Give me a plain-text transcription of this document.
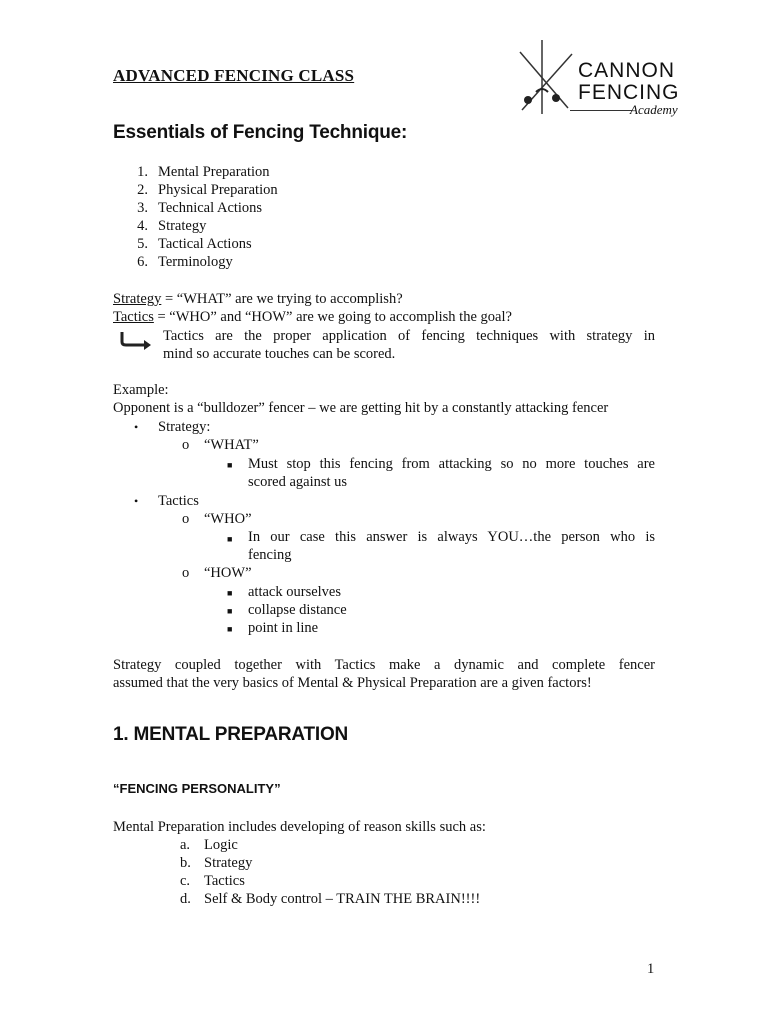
ADVANCED FENCING CLASS	CANNON
FENCING
Academy
Essentials of Fencing Technique:
1. Mental Preparation
2. Physical Preparation
3. Technical Actions
4. Strategy
5. Tactical Actions
6. Terminology
Strategy = “WHAT” are we trying to accomplish?
Tactics = “WHO” and “HOW” are we going to accomplish the goal?
Tactics are the proper application of fencing techniques with strategy in
mind so accurate touches can be scored.
Example:
Opponent is a “bulldozer” fencer – we are getting hit by a constantly attacking fencer
• Strategy:
o “WHAT”
■ Must stop this fencing from attacking so no more touches are
scored against us
• Tactics
o “WHO”
■ In our case this answer is always YOU…the person who is
fencing
o “HOW”
■ attack ourselves
■ collapse distance
■ point in line
Strategy coupled together with Tactics make a dynamic and complete fencer
assumed that the very basics of Mental & Physical Preparation are a given factors!
1. MENTAL PREPARATION
“FENCING PERSONALITY”
Mental Preparation includes developing of reason skills such as:
a. Logic
b. Strategy
c. Tactics
d. Self & Body control – TRAIN THE BRAIN!!!!
1
